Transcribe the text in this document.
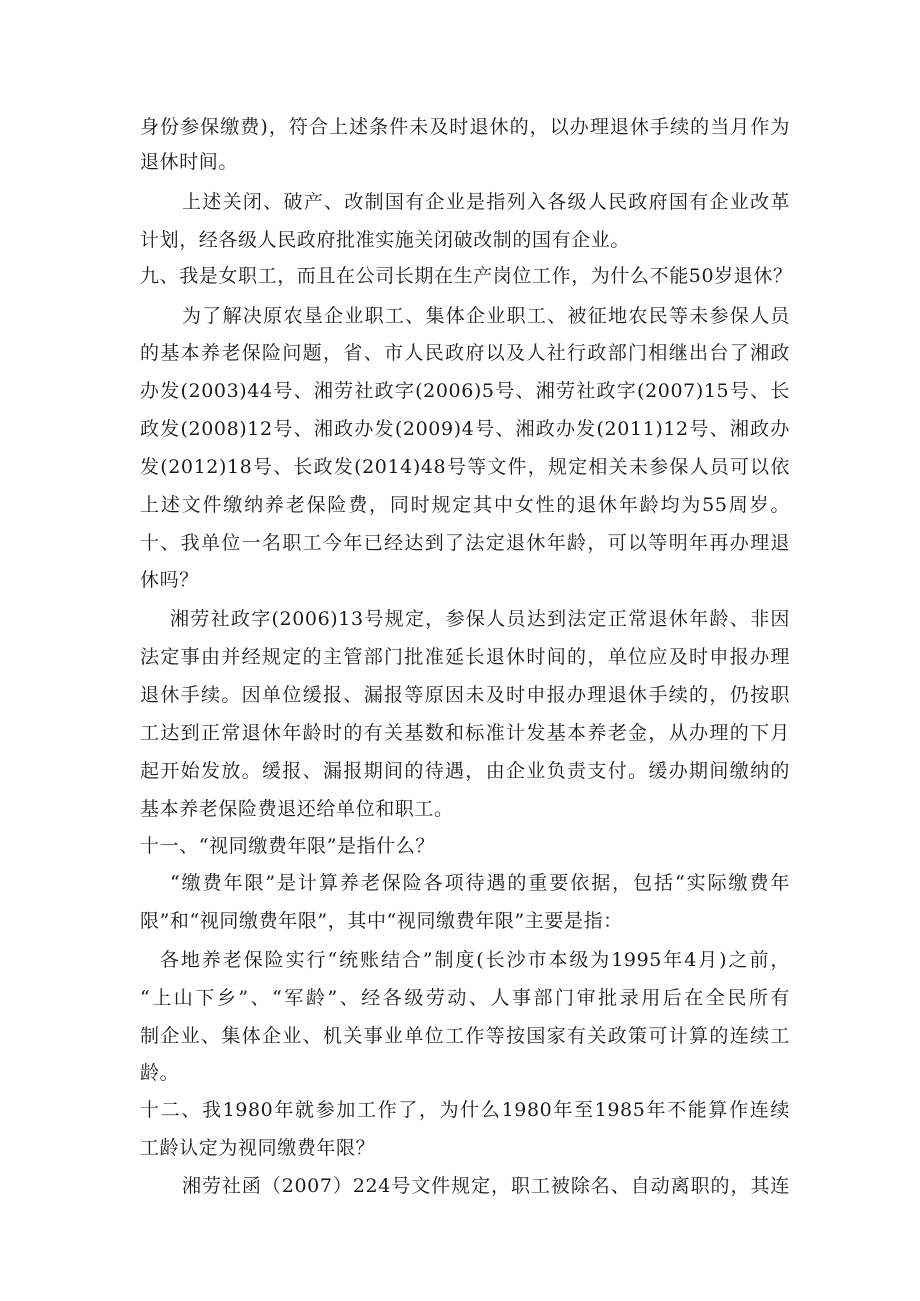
身份参保缴费)，符合上述条件未及时退休的，以办理退休手续的当月作为
退休时间。
上述关闭、破产、改制国有企业是指列入各级人民政府国有企业改革
计划，经各级人民政府批准实施关闭破改制的国有企业。
九、我是女职工，而且在公司长期在生产岗位工作，为什么不能50岁退休？
为了解决原农垦企业职工、集体企业职工、被征地农民等未参保人员
的基本养老保险问题，省、市人民政府以及人社行政部门相继出台了湘政
办发(2003)44号、湘劳社政字(2006)5号、湘劳社政字(2007)15号、长
政发(2008)12号、湘政办发(2009)4号、湘政办发(2011)12号、湘政办
发(2012)18号、长政发(2014)48号等文件，规定相关未参保人员可以依
上述文件缴纳养老保险费，同时规定其中女性的退休年龄均为55周岁。
十、我单位一名职工今年已经达到了法定退休年龄，可以等明年再办理退
休吗？
湘劳社政字(2006)13号规定，参保人员达到法定正常退休年龄、非因
法定事由并经规定的主管部门批准延长退休时间的，单位应及时申报办理
退休手续。因单位缓报、漏报等原因未及时申报办理退休手续的，仍按职
工达到正常退休年龄时的有关基数和标准计发基本养老金，从办理的下月
起开始发放。缓报、漏报期间的待遇，由企业负责支付。缓办期间缴纳的
基本养老保险费退还给单位和职工。
十一、“视同缴费年限”是指什么？
“缴费年限”是计算养老保险各项待遇的重要依据，包括“实际缴费年
限”和“视同缴费年限”，其中“视同缴费年限”主要是指：
各地养老保险实行“统账结合”制度(长沙市本级为1995年4月)之前，
“上山下乡”、“军龄”、经各级劳动、人事部门审批录用后在全民所有
制企业、集体企业、机关事业单位工作等按国家有关政策可计算的连续工
龄。
十二、我1980年就参加工作了，为什么1980年至1985年不能算作连续
工龄认定为视同缴费年限？
湘劳社函（2007）224号文件规定，职工被除名、自动离职的，其连
